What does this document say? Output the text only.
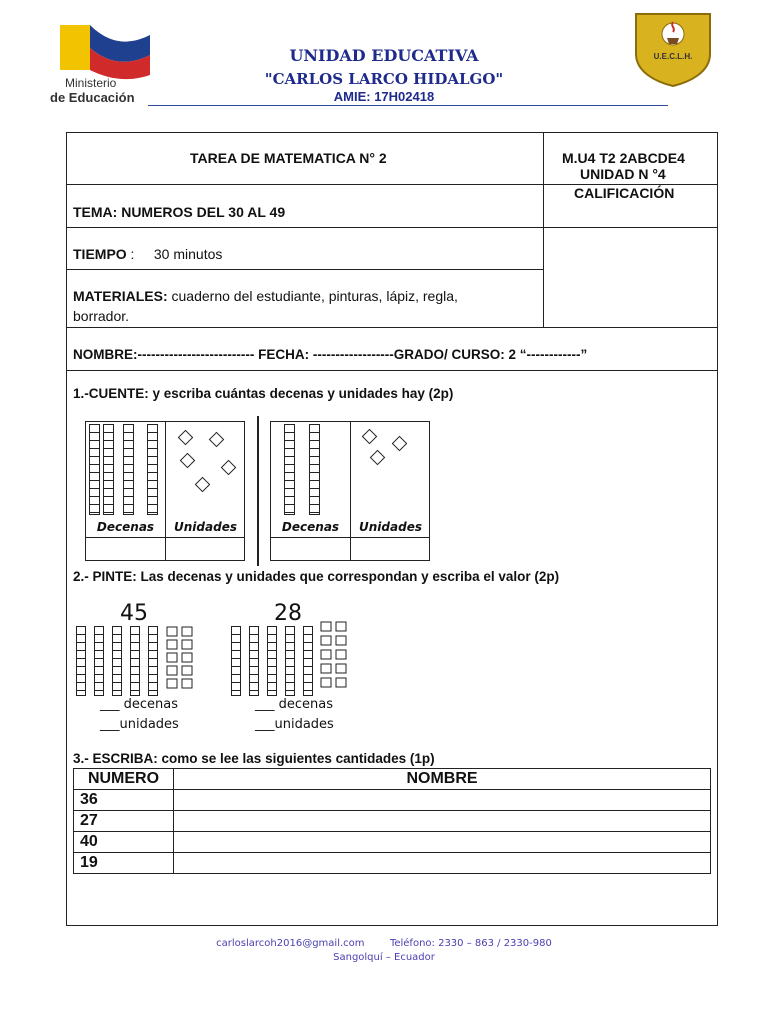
Ministerio
de Educación
UNIDAD EDUCATIVA
"CARLOS LARCO HIDALGO"
AMIE: 17H02418
U.E.C.L.H.
TAREA DE MATEMATICA N° 2	M.U4 T2 2ABCDE4
UNIDAD N °4
CALIFICACIÓN
TEMA: NUMEROS DEL 30 AL 49
TIEMPO :     30 minutos
MATERIALES: cuaderno del estudiante, pinturas, lápiz, regla,
borrador.
NOMBRE:-------------------------- FECHA: ------------------GRADO/ CURSO: 2 “------------”
1.-CUENTE: y escriba cuántas decenas y unidades hay (2p)
Decenas	Unidades	Decenas	Unidades
2.- PINTE: Las decenas y unidades que correspondan y escriba el valor (2p)
45
___ decenas
___unidades
28
___ decenas
___unidades
3.- ESCRIBA: como se lee las siguientes cantidades (1p)
NUMERO	NOMBRE
36	
27	
40	
19	
carloslarcoh2016@gmail.com        Teléfono: 2330 – 863 / 2330-980
Sangolquí – Ecuador
